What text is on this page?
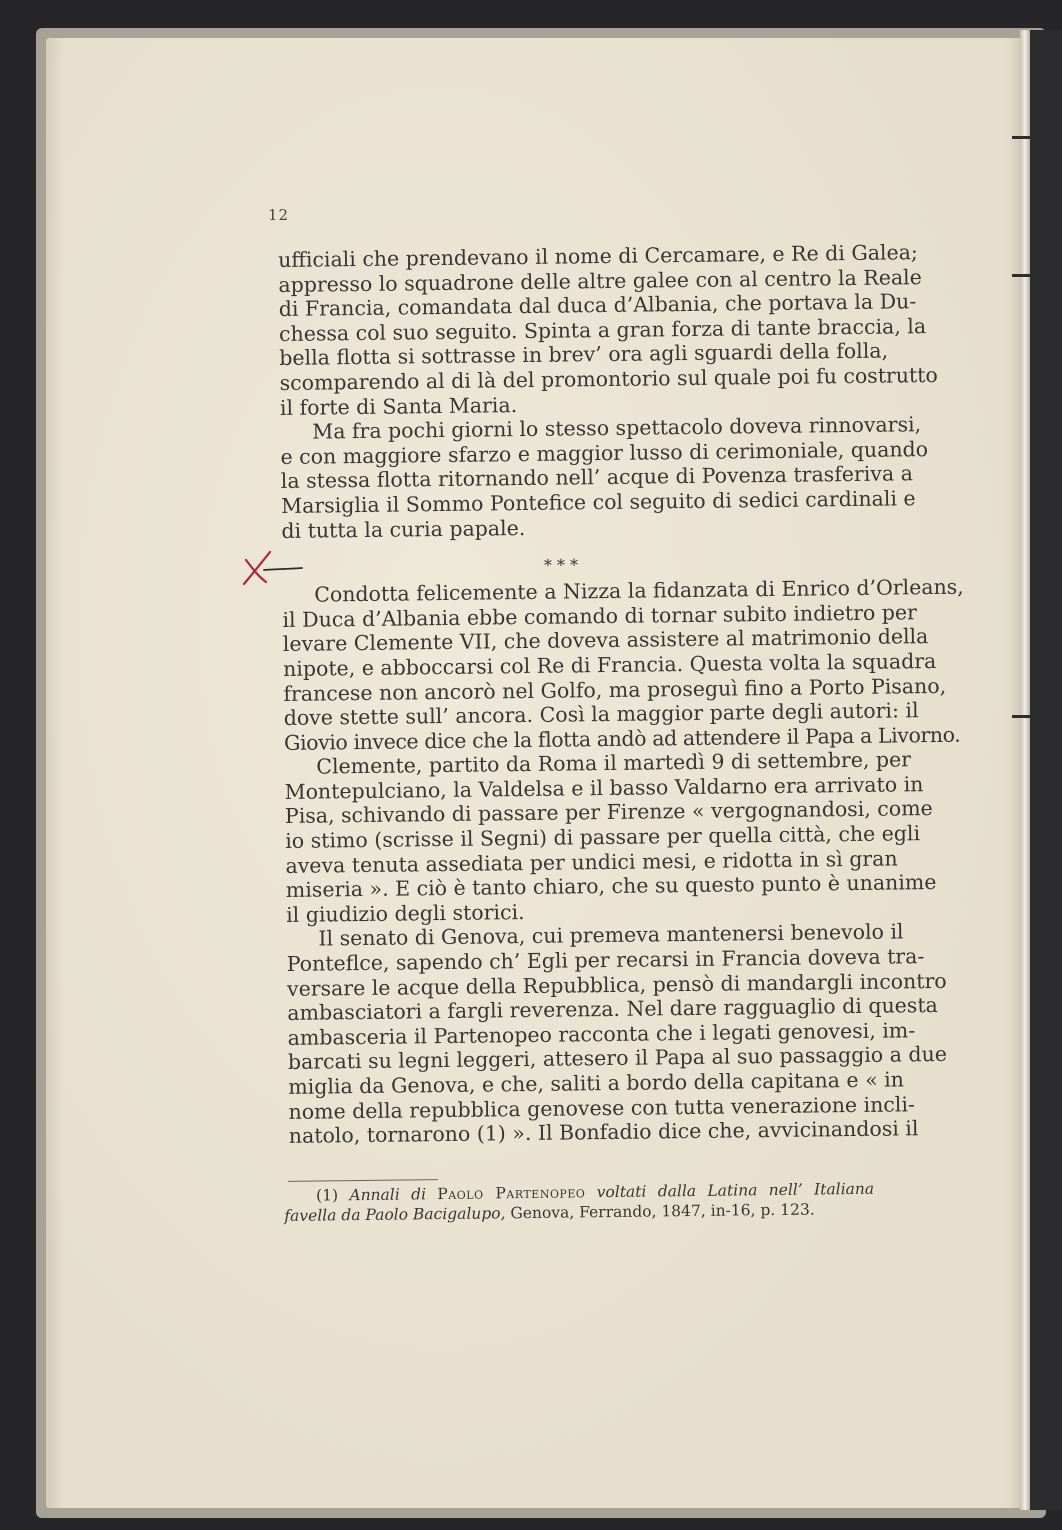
12
ufficiali che prendevano il nome di Cercamare, e Re di Galea;
appresso lo squadrone delle altre galee con al centro la Reale
di Francia, comandata dal duca d’Albania, che portava la Du-
chessa col suo seguito. Spinta a gran forza di tante braccia, la
bella flotta si sottrasse in brev’ ora agli sguardi della folla,
scomparendo al di là del promontorio sul quale poi fu costrutto
il forte di Santa Maria.
Ma fra pochi giorni lo stesso spettacolo doveva rinnovarsi,
e con maggiore sfarzo e maggior lusso di cerimoniale, quando
la stessa flotta ritornando nell’ acque di Povenza trasferiva a
Marsiglia il Sommo Pontefice col seguito di sedici cardinali e
di tutta la curia papale.
* * *
Condotta felicemente a Nizza la fidanzata di Enrico d’Orleans,
il Duca d’Albania ebbe comando di tornar subito indietro per
levare Clemente VII, che doveva assistere al matrimonio della
nipote, e abboccarsi col Re di Francia. Questa volta la squadra
francese non ancorò nel Golfo, ma proseguì fino a Porto Pisano,
dove stette sull’ ancora. Così la maggior parte degli autori: il
Giovio invece dice che la flotta andò ad attendere il Papa a Livorno.
Clemente, partito da Roma il martedì 9 di settembre, per
Montepulciano, la Valdelsa e il basso Valdarno era arrivato in
Pisa, schivando di passare per Firenze « vergognandosi, come
io stimo (scrisse il Segni) di passare per quella città, che egli
aveva tenuta assediata per undici mesi, e ridotta in sì gran
miseria ». E ciò è tanto chiaro, che su questo punto è unanime
il giudizio degli storici.
Il senato di Genova, cui premeva mantenersi benevolo il
Ponteflce, sapendo ch’ Egli per recarsi in Francia doveva tra-
versare le acque della Repubblica, pensò di mandargli incontro
ambasciatori a fargli reverenza. Nel dare ragguaglio di questa
ambasceria il Partenopeo racconta che i legati genovesi, im-
barcati su legni leggeri, attesero il Papa al suo passaggio a due
miglia da Genova, e che, saliti a bordo della capitana e « in
nome della repubblica genovese con tutta venerazione incli-
natolo, tornarono (1) ». Il Bonfadio dice che, avvicinandosi il
(1) Annali di Paolo Partenopeo voltati dalla Latina nell’ Italiana
favella da Paolo Bacigalupo, Genova, Ferrando, 1847, in-16, p. 123.
